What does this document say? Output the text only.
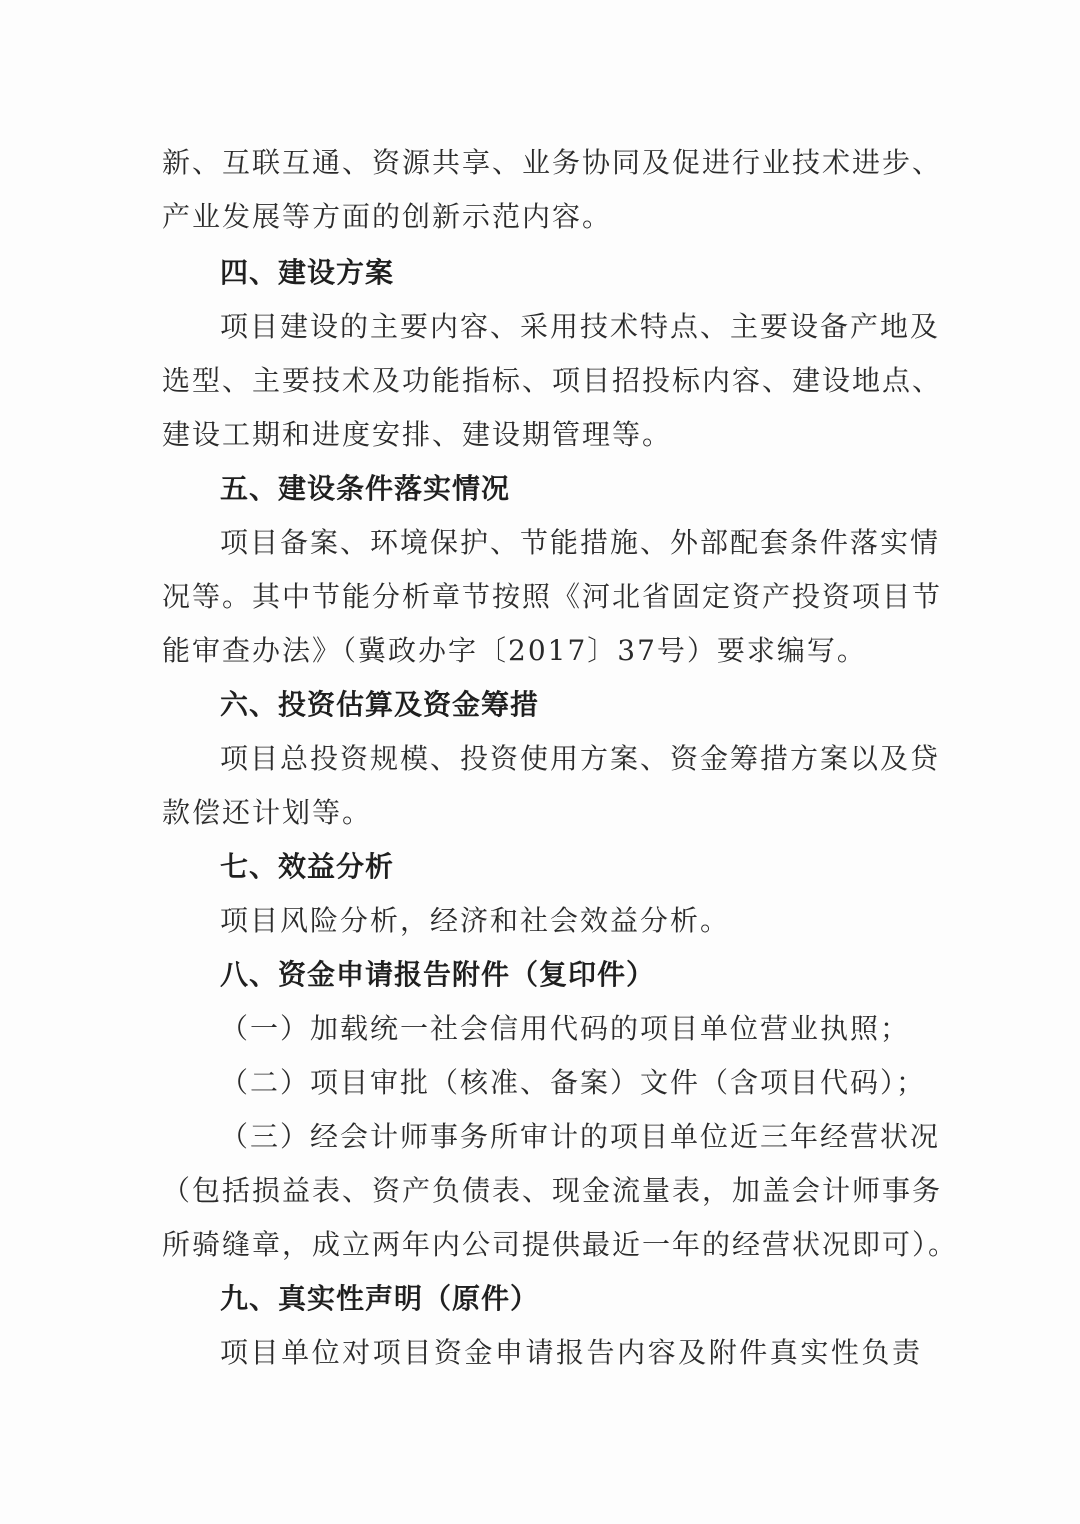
新、互联互通、资源共享、业务协同及促进行业技术进步、
产业发展等方面的创新示范内容。
四、建设方案
项目建设的主要内容、采用技术特点、主要设备产地及
选型、主要技术及功能指标、项目招投标内容、建设地点、
建设工期和进度安排、建设期管理等。
五、建设条件落实情况
项目备案、环境保护、节能措施、外部配套条件落实情
况等。其中节能分析章节按照《河北省固定资产投资项目节
能审查办法》（冀政办字〔2017〕37号）要求编写。
六、投资估算及资金筹措
项目总投资规模、投资使用方案、资金筹措方案以及贷
款偿还计划等。
七、效益分析
项目风险分析，经济和社会效益分析。
八、资金申请报告附件（复印件）
（一）加载统一社会信用代码的项目单位营业执照；
（二）项目审批（核准、备案）文件（含项目代码）；
（三）经会计师事务所审计的项目单位近三年经营状况
（包括损益表、资产负债表、现金流量表，加盖会计师事务
所骑缝章，成立两年内公司提供最近一年的经营状况即可）。
九、真实性声明（原件）
项目单位对项目资金申请报告内容及附件真实性负责
